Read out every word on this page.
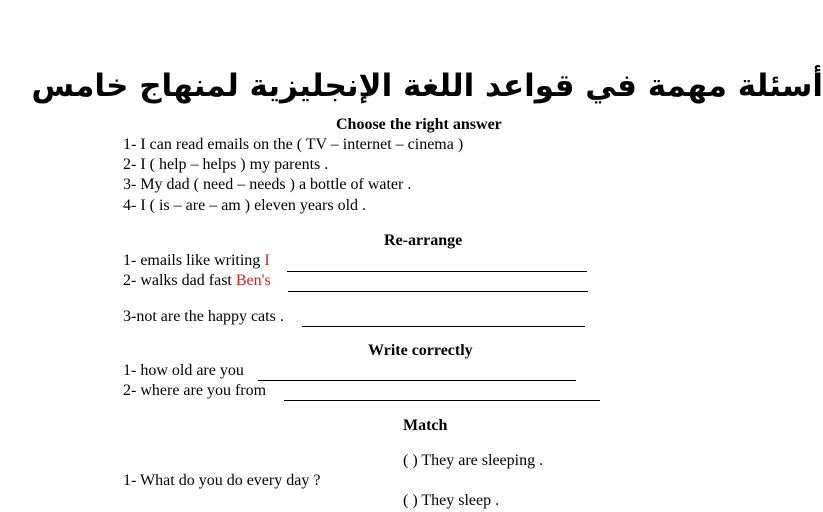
أسئلة مهمة في قواعد اللغة الإنجليزية لمنهاج خامس
Choose the right answer
1- I can read emails on the ( TV – internet – cinema )
2- I ( help – helps ) my parents .
3- My dad ( need – needs ) a bottle of water .
4- I ( is – are – am ) eleven years old .
Re-arrange
1- emails like writing I
2- walks dad fast Ben's
3-not are the happy cats .
Write correctly
1- how old are you
2- where are you from
Match
( ) They are sleeping .
1- What do you do every day ?
( ) They sleep .
